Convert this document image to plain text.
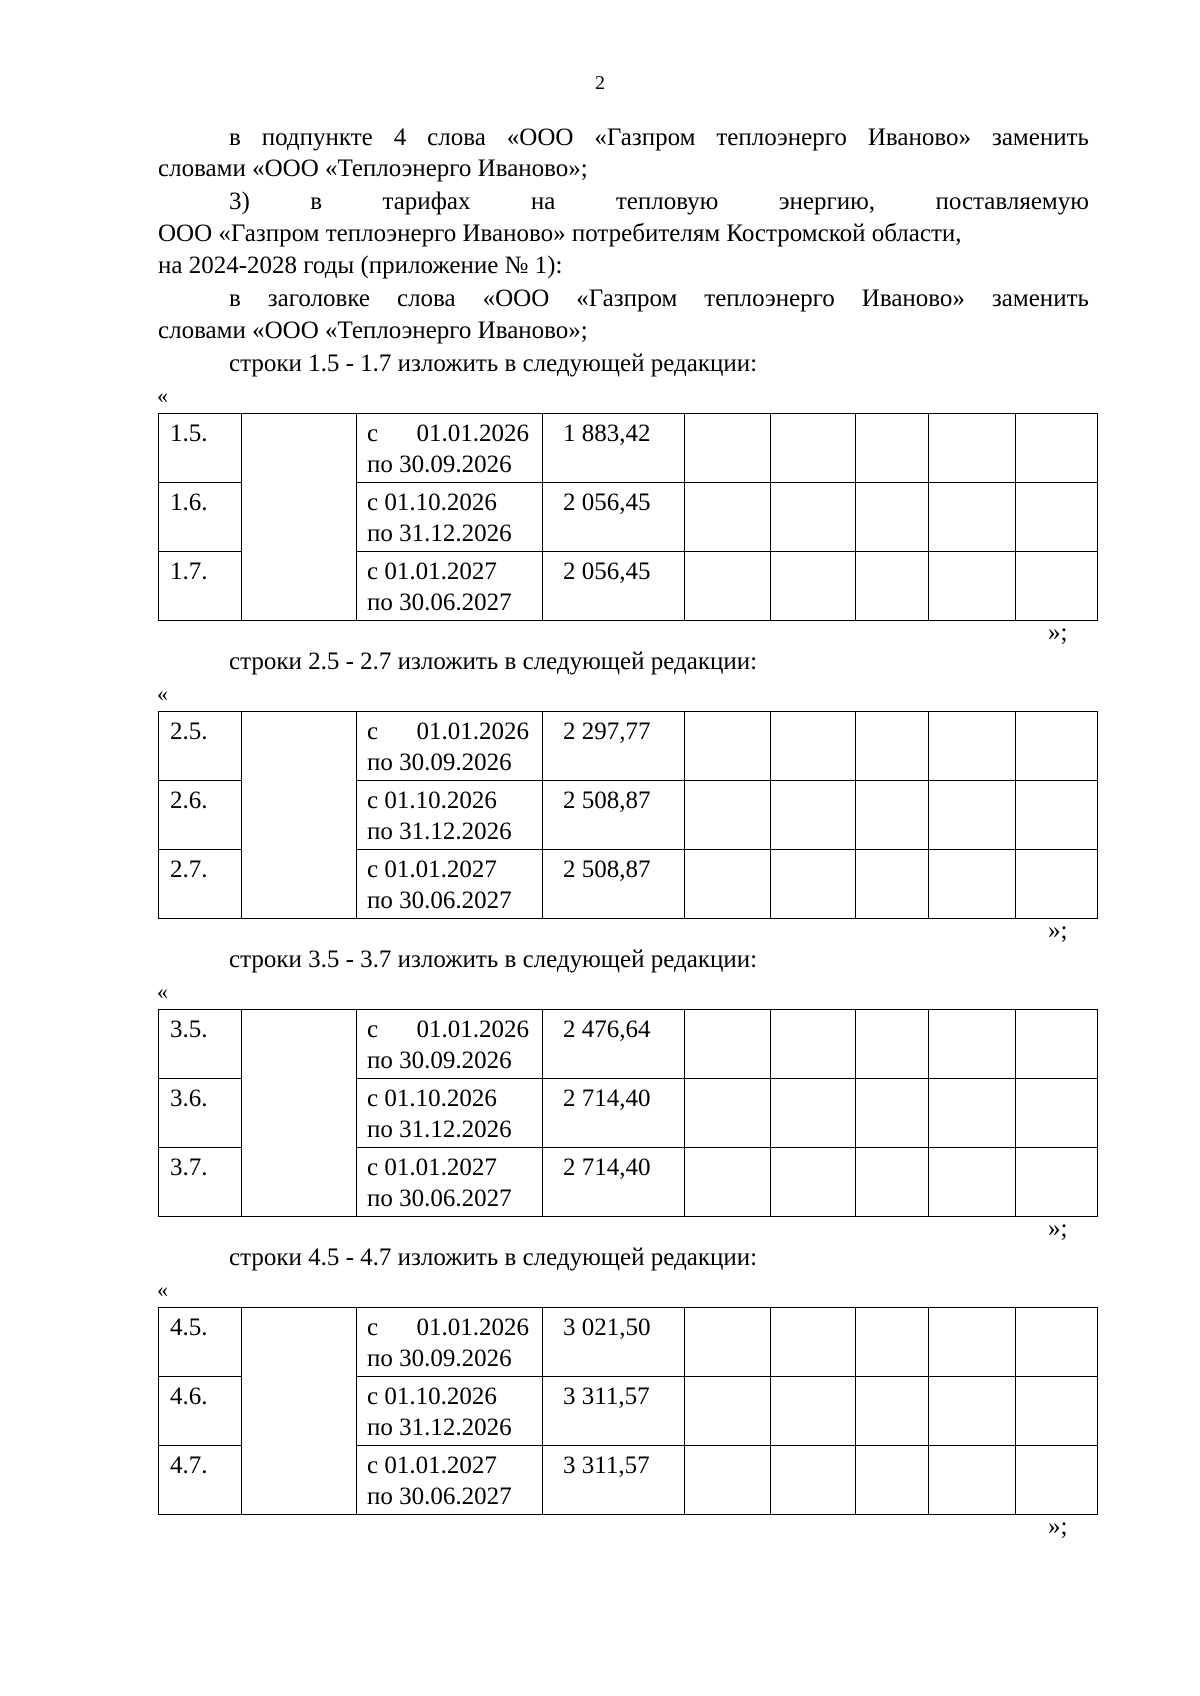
2
в подпункте 4 слова «ООО «Газпром теплоэнерго Иваново» заменить
словами «ООО «Теплоэнерго Иваново»;
3) в тарифах на тепловую энергию, поставляемую
ООО «Газпром теплоэнерго Иваново» потребителям Костромской области,
на 2024-2028 годы (приложение № 1):
в заголовке слова «ООО «Газпром теплоэнерго Иваново» заменить
словами «ООО «Теплоэнерго Иваново»;
строки 1.5 - 1.7 изложить в следующей редакции:
«
1.5.		с 01.01.2026
по 30.09.2026	1 883,42					
1.6.		с 01.10.2026
по 31.12.2026	2 056,45					
1.7.		с 01.01.2027
по 30.06.2027	2 056,45					
»;
строки 2.5 - 2.7 изложить в следующей редакции:
«
2.5.		с 01.01.2026
по 30.09.2026	2 297,77					
2.6.		с 01.10.2026
по 31.12.2026	2 508,87					
2.7.		с 01.01.2027
по 30.06.2027	2 508,87					
»;
строки 3.5 - 3.7 изложить в следующей редакции:
«
3.5.		с 01.01.2026
по 30.09.2026	2 476,64					
3.6.		с 01.10.2026
по 31.12.2026	2 714,40					
3.7.		с 01.01.2027
по 30.06.2027	2 714,40					
»;
строки 4.5 - 4.7 изложить в следующей редакции:
«
4.5.		с 01.01.2026
по 30.09.2026	3 021,50					
4.6.		с 01.10.2026
по 31.12.2026	3 311,57					
4.7.		с 01.01.2027
по 30.06.2027	3 311,57					
»;
